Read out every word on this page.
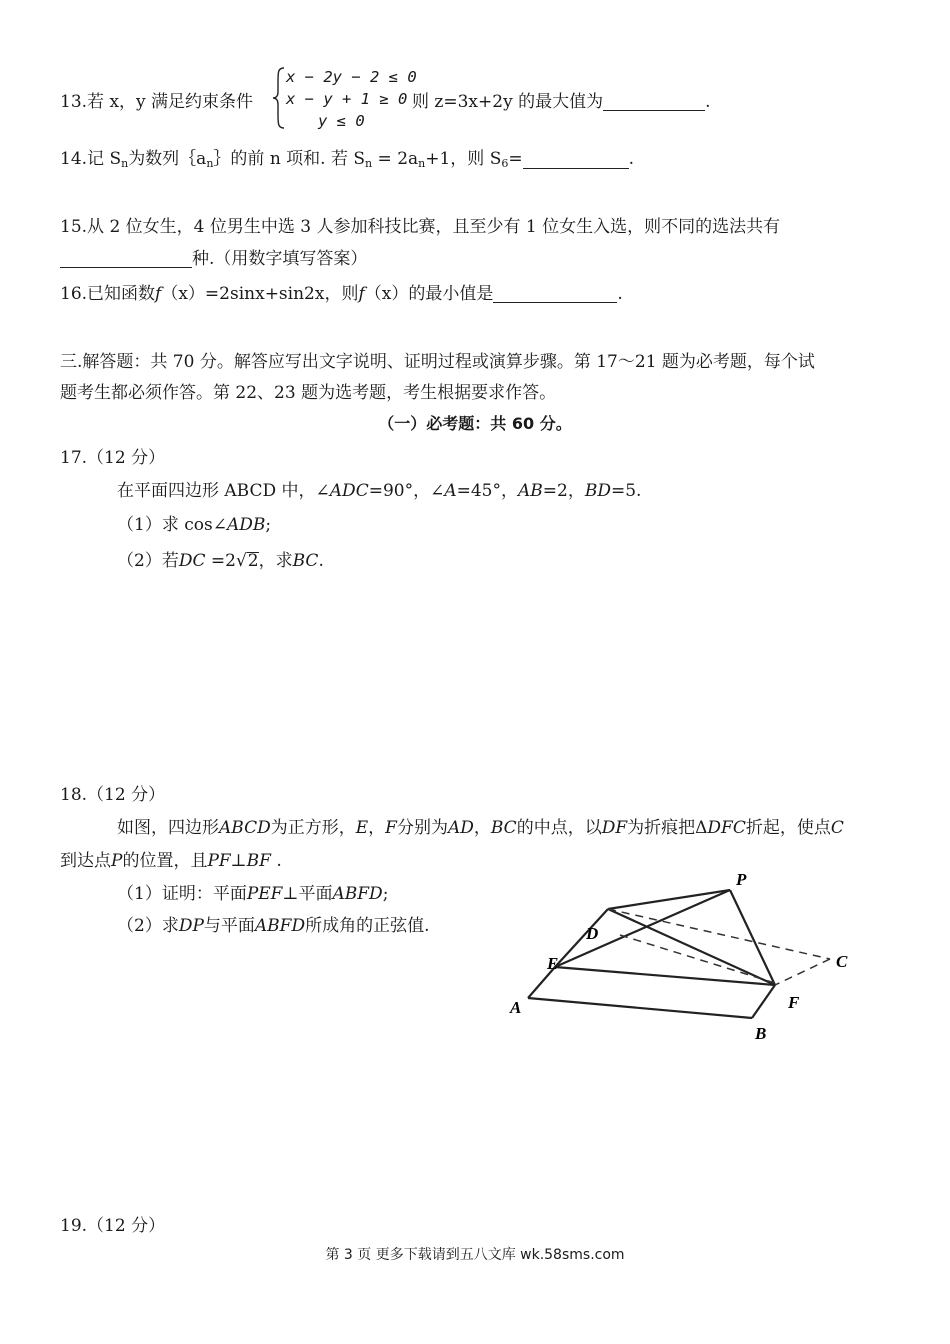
13.若 x，y 满足约束条件
x − 2y − 2 ≤ 0
x − y + 1 ≥ 0
y ≤ 0
则 z=3x+2y 的最大值为	.
14.记 $S_n$为数列$\{a_n\}$的前 n 项和. 若 $S_n = 2a_n+1$，则 $S_6=$	.
15.从 2 位女生，4 位男生中选 3 人参加科技比赛，且至少有 1 位女生入选，则不同的选法共有
种.（用数字填写答案）
16.已知函数f（x）=2sinx+sin2x，则f（x）的最小值是	.
三.解答题：共 70 分。解答应写出文字说明、证明过程或演算步骤。第 17～21 题为必考题，每个试
题考生都必须作答。第 22、23 题为选考题，考生根据要求作答。
（一）必考题：共 60 分。
17.（12 分）
在平面四边形 ABCD 中，∠ADC=90°，∠A=45°，AB=2，BD=5.
（1）求 cos∠ADB;
（2）若DC =2√2，求BC.
18.（12 分）
如图，四边形ABCD为正方形，E，F分别为AD，BC的中点，以DF为折痕把ΔDFC折起，使点C
到达点P的位置，且PF⊥BF .
（1）证明：平面PEF⊥平面ABFD;
（2）求DP与平面ABFD所成角的正弦值.
P
D
E	C
A	F
B
19.（12 分）
第 3 页 更多下载请到五八文库 wk.58sms.com
